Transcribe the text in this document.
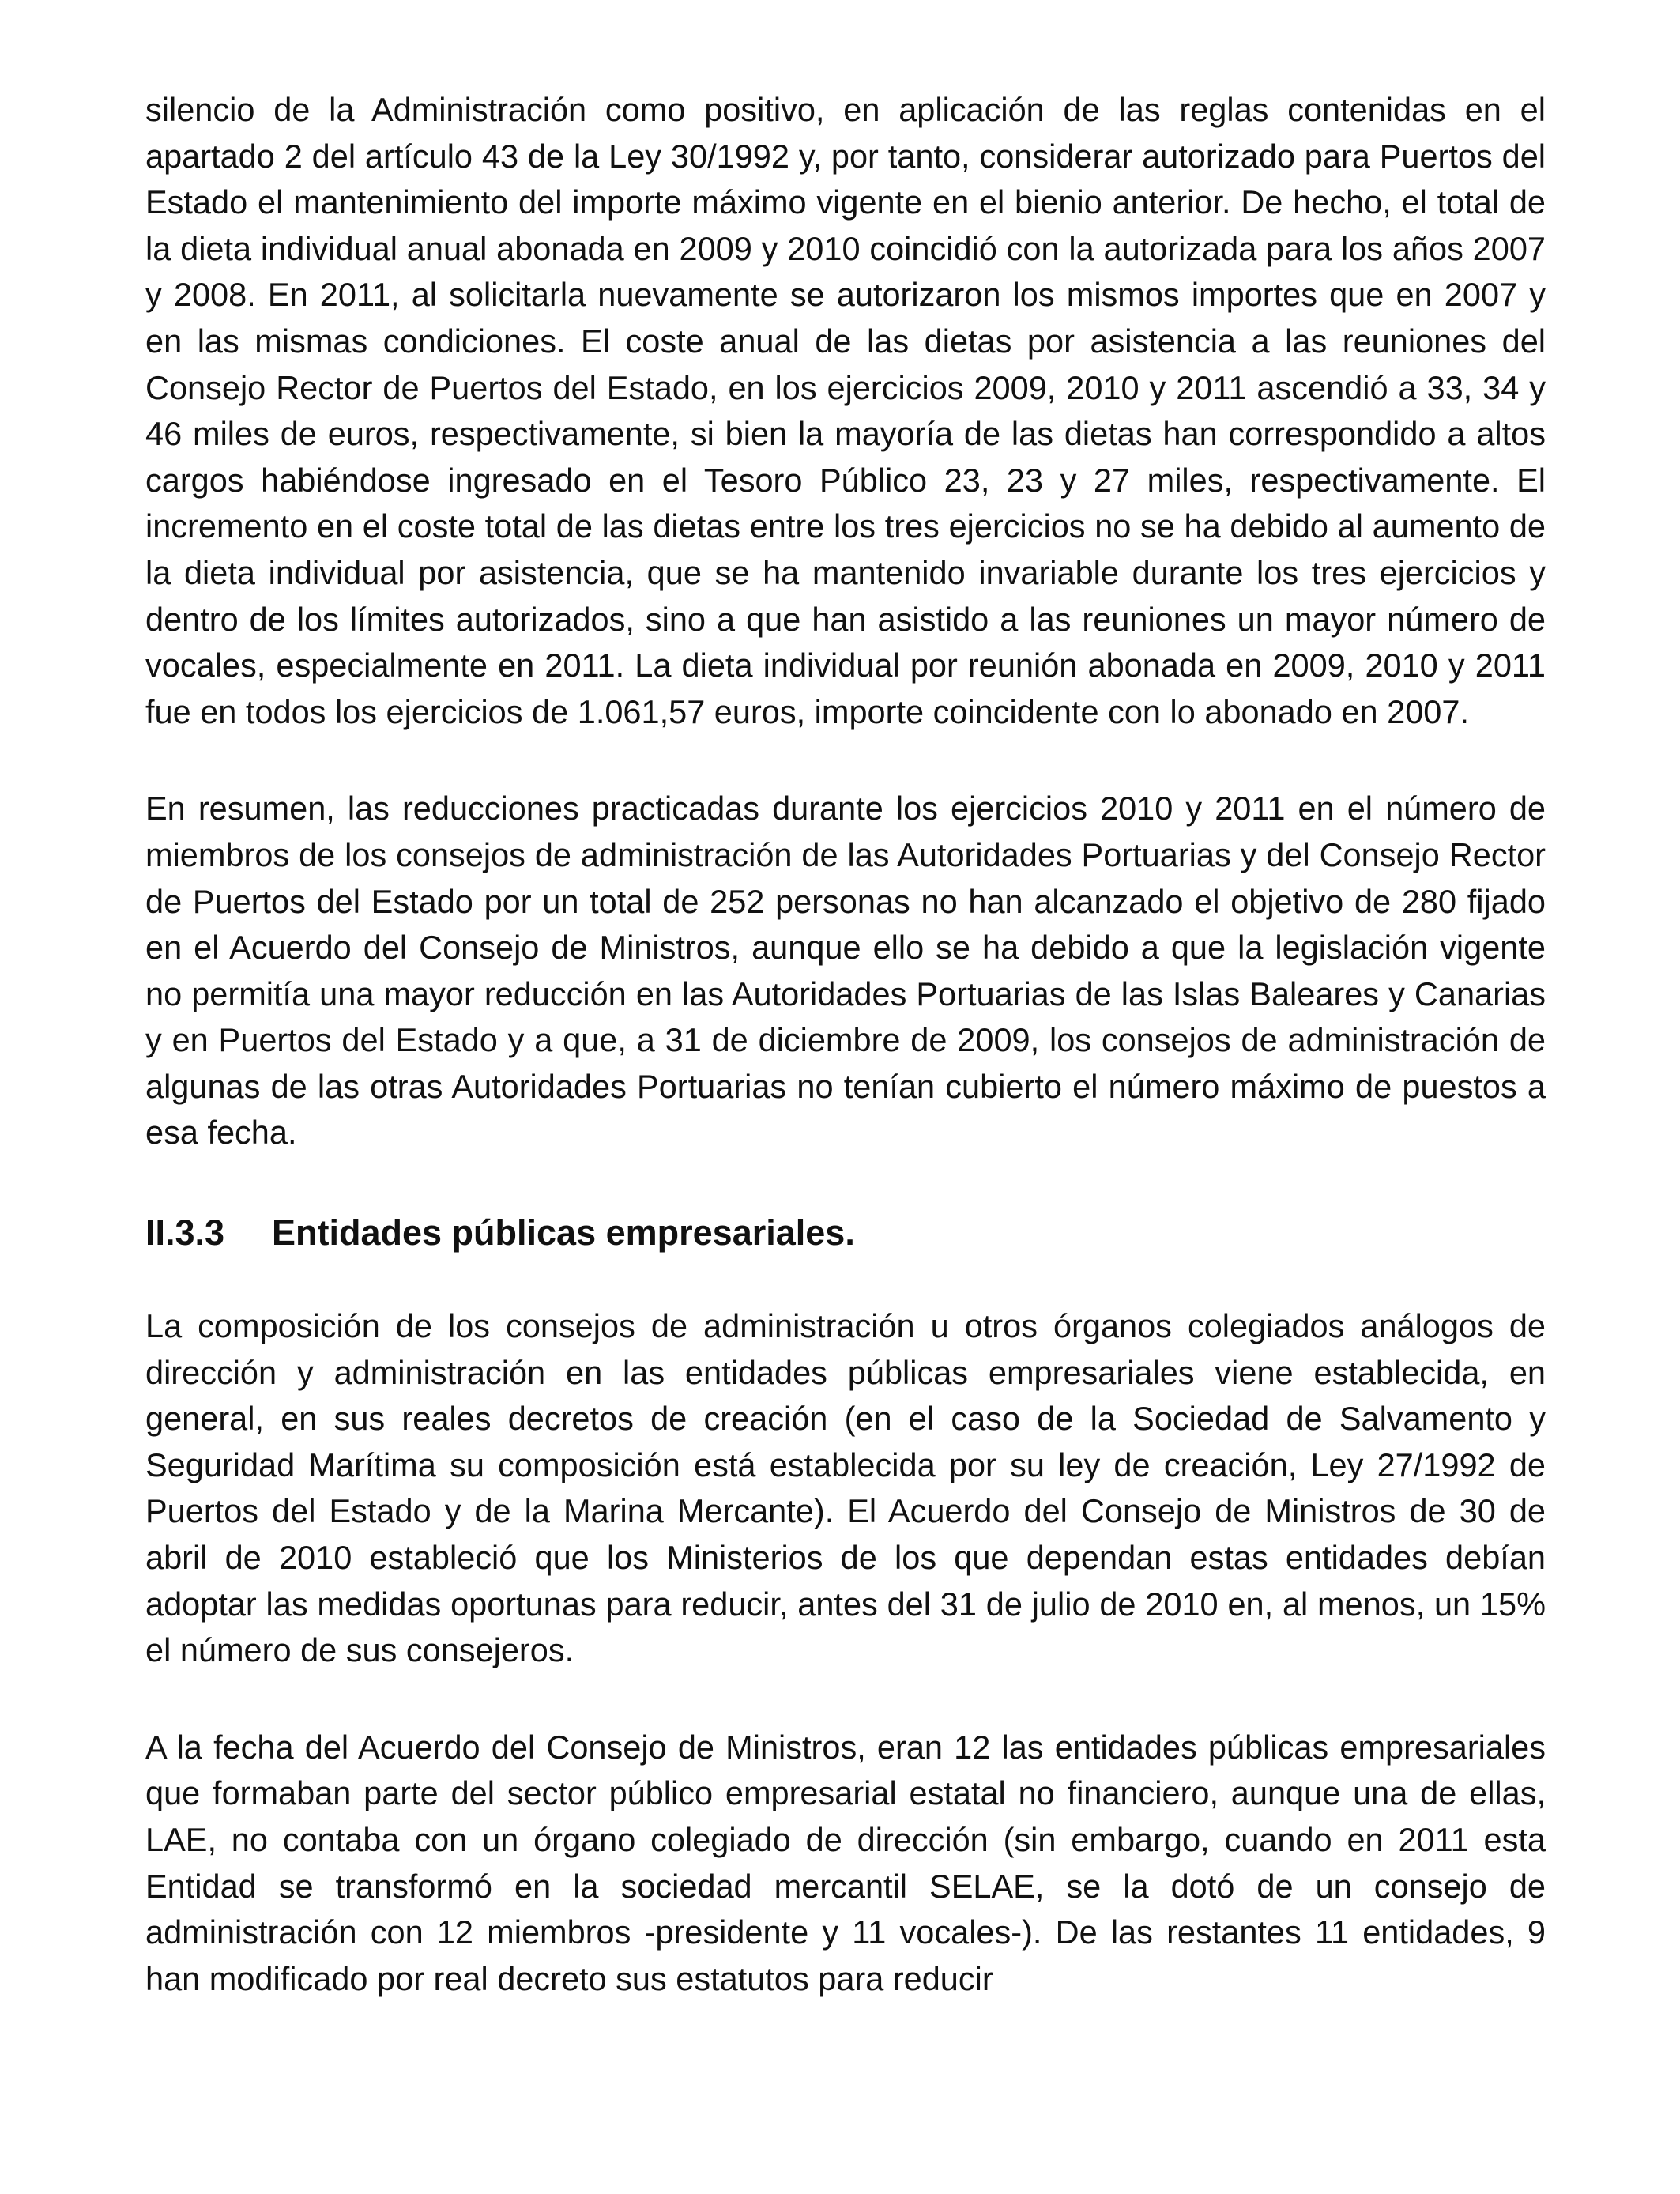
silencio de la Administración como positivo, en aplicación de las reglas contenidas en el apartado 2 del artículo 43 de la Ley 30/1992 y, por tanto, considerar autorizado para Puertos del Estado el mantenimiento del importe máximo vigente en el bienio anterior. De hecho, el total de la dieta individual anual abonada en 2009 y 2010 coincidió con la autorizada para los años 2007 y 2008. En 2011, al solicitarla nuevamente se autorizaron los mismos importes que en 2007 y en las mismas condiciones. El coste anual de las dietas por asistencia a las reuniones del Consejo Rector de Puertos del Estado, en los ejercicios 2009, 2010 y 2011 ascendió a 33, 34 y 46 miles de euros, respectivamente, si bien la mayoría de las dietas han correspondido a altos cargos habiéndose ingresado en el Tesoro Público 23, 23 y 27 miles, respectivamente. El incremento en el coste total de las dietas entre los tres ejercicios no se ha debido al aumento de la dieta individual por asistencia, que se ha mantenido invariable durante los tres ejercicios y dentro de los límites autorizados, sino a que han asistido a las reuniones un mayor número de vocales, especialmente en 2011. La dieta individual por reunión abonada en 2009, 2010 y 2011 fue en todos los ejercicios de 1.061,57 euros, importe coincidente con lo abonado en 2007.

En resumen, las reducciones practicadas durante los ejercicios 2010 y 2011 en el número de miembros de los consejos de administración de las Autoridades Portuarias y del Consejo Rector de Puertos del Estado por un total de 252 personas no han alcanzado el objetivo de 280 fijado en el Acuerdo del Consejo de Ministros, aunque ello se ha debido a que la legislación vigente no permitía una mayor reducción en las Autoridades Portuarias de las Islas Baleares y Canarias y en Puertos del Estado y a que, a 31 de diciembre de 2009, los consejos de administración de algunas de las otras Autoridades Portuarias no tenían cubierto el número máximo de puestos a esa fecha.

II.3.3	Entidades públicas empresariales.

La composición de los consejos de administración u otros órganos colegiados análogos de dirección y administración en las entidades públicas empresariales viene establecida, en general, en sus reales decretos de creación (en el caso de la Sociedad de Salvamento y Seguridad Marítima su composición está establecida por su ley de creación, Ley 27/1992 de Puertos del Estado y de la Marina Mercante). El Acuerdo del Consejo de Ministros de 30 de abril de 2010 estableció que los Ministerios de los que dependan estas entidades debían adoptar las medidas oportunas para reducir, antes del 31 de julio de 2010 en, al menos, un 15% el número de sus consejeros.

A la fecha del Acuerdo del Consejo de Ministros, eran 12 las entidades públicas empresariales que formaban parte del sector público empresarial estatal no financiero, aunque una de ellas, LAE, no contaba con un órgano colegiado de dirección (sin embargo, cuando en 2011 esta Entidad se transformó en la sociedad mercantil SELAE, se la dotó de un consejo de administración con 12 miembros -presidente y 11 vocales-). De las restantes 11 entidades, 9 han modificado por real decreto sus estatutos para reducir
